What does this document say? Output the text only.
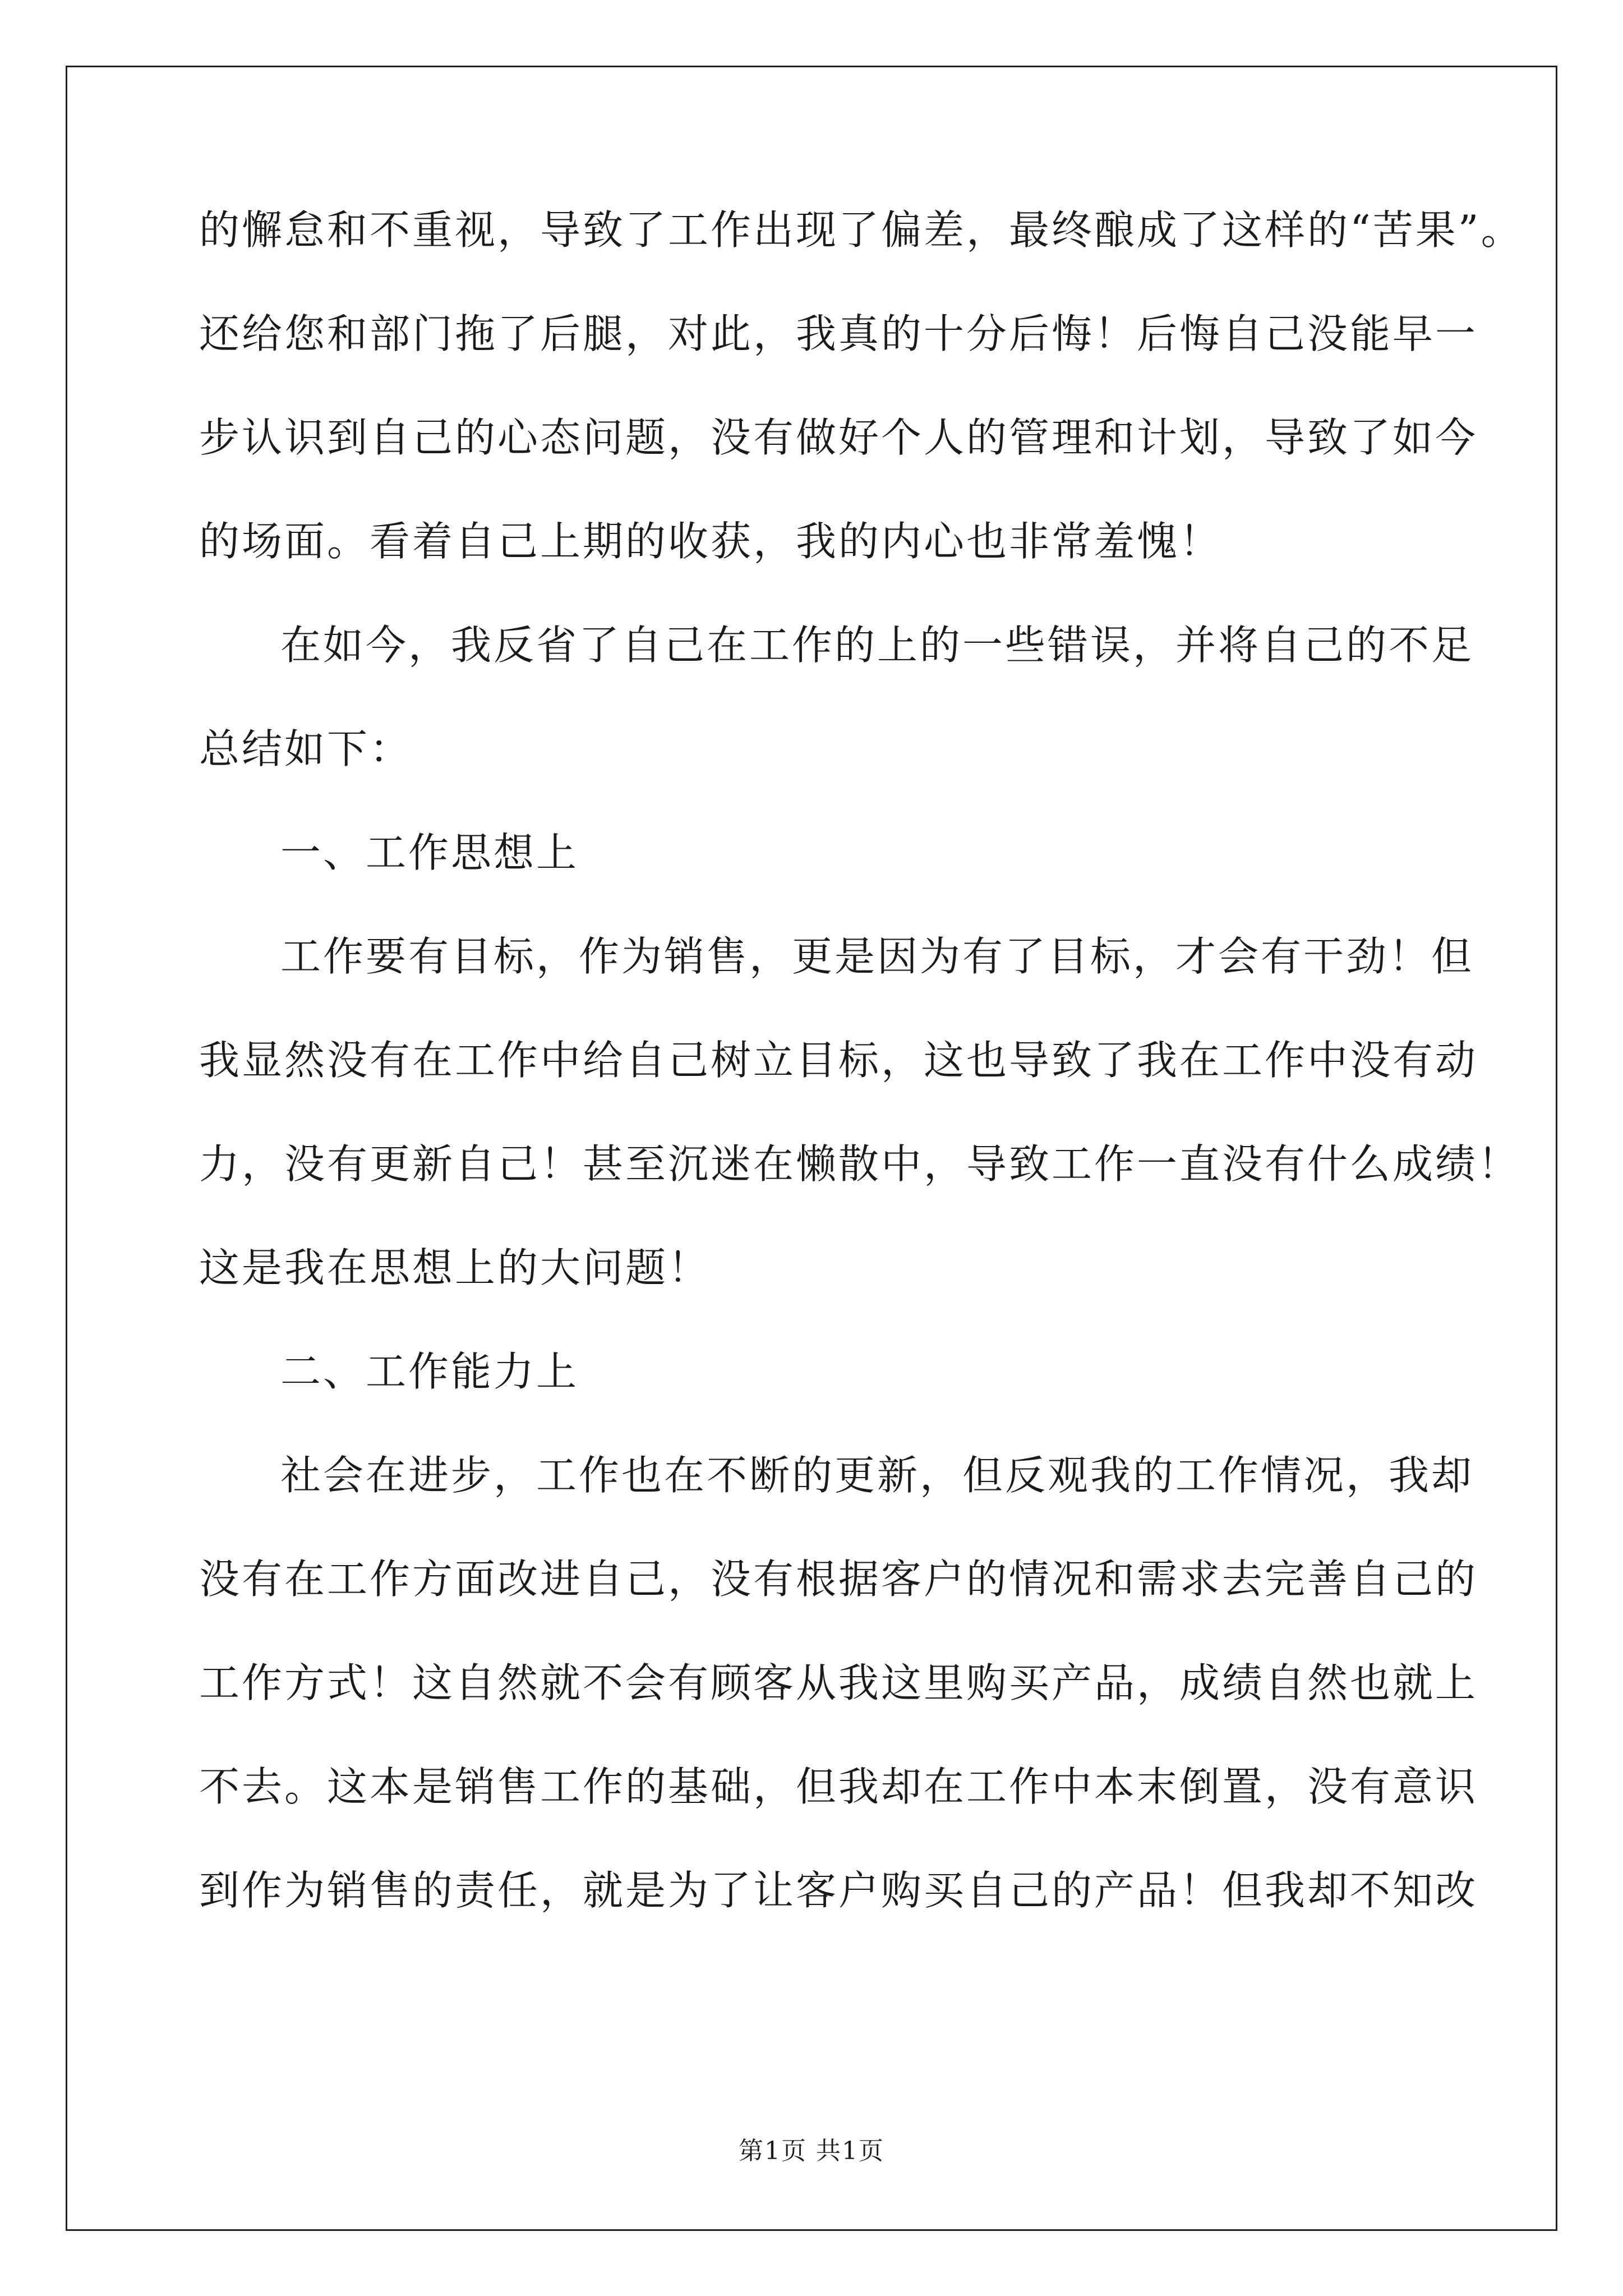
的懈怠和不重视，导致了工作出现了偏差，最终酿成了这样的“苦果”。
还给您和部门拖了后腿，对此，我真的十分后悔！后悔自己没能早一
步认识到自己的心态问题，没有做好个人的管理和计划，导致了如今
的场面。看着自己上期的收获，我的内心也非常羞愧！
在如今，我反省了自己在工作的上的一些错误，并将自己的不足
总结如下：
一、工作思想上
工作要有目标，作为销售，更是因为有了目标，才会有干劲！但
我显然没有在工作中给自己树立目标，这也导致了我在工作中没有动
力，没有更新自己！甚至沉迷在懒散中，导致工作一直没有什么成绩！
这是我在思想上的大问题！
二、工作能力上
社会在进步，工作也在不断的更新，但反观我的工作情况，我却
没有在工作方面改进自己，没有根据客户的情况和需求去完善自己的
工作方式！这自然就不会有顾客从我这里购买产品，成绩自然也就上
不去。这本是销售工作的基础，但我却在工作中本末倒置，没有意识
到作为销售的责任，就是为了让客户购买自己的产品！但我却不知改
第1页 共1页
